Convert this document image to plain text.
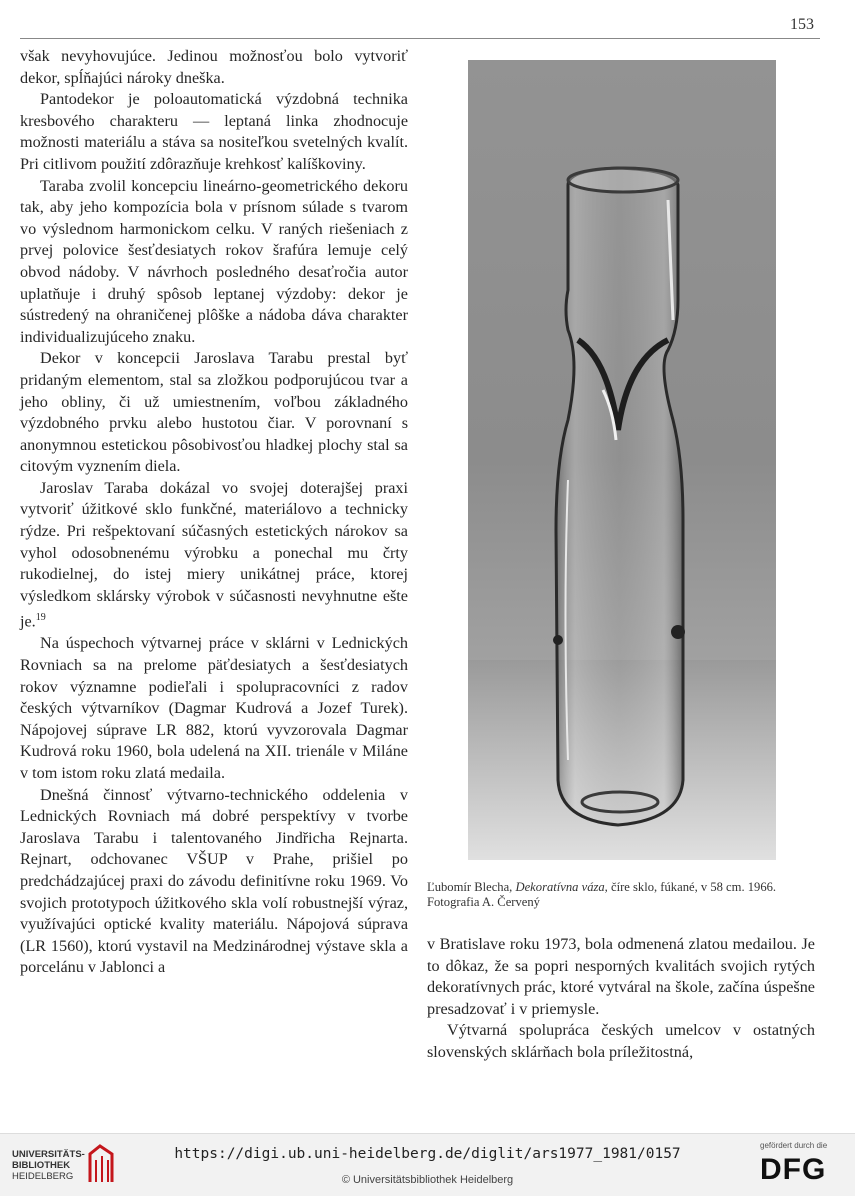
153

však nevyhovujúce. Jedinou možnosťou bolo vytvoriť dekor, spĺňajúci nároky dneška.

Pantodekor je poloautomatická výzdobná technika kresbového charakteru — leptaná linka zhodnocuje možnosti materiálu a stáva sa nositeľkou svetelných kvalít. Pri citlivom použití zdôrazňuje krehkosť kalíškoviny.

Taraba zvolil koncepciu lineárno-geometrického dekoru tak, aby jeho kompozícia bola v prísnom súlade s tvarom vo výslednom harmonickom celku. V raných riešeniach z prvej polovice šesťdesiatych rokov šrafúra lemuje celý obvod nádoby. V návrhoch posledného desaťročia autor uplatňuje i druhý spôsob leptanej výzdoby: dekor je sústredený na ohraničenej plôške a nádoba dáva charakter individualizujúceho znaku.

Dekor v koncepcii Jaroslava Tarabu prestal byť pridaným elementom, stal sa zložkou podporujúcou tvar a jeho obliny, či už umiestnením, voľbou základného výzdobného prvku alebo hustotou čiar. V porovnaní s anonymnou estetickou pôsobivosťou hladkej plochy stal sa citovým vyznením diela.

Jaroslav Taraba dokázal vo svojej doterajšej praxi vytvoriť úžitkové sklo funkčné, materiálovo a technicky rýdze. Pri rešpektovaní súčasných estetických nárokov sa vyhol odosobnenému výrobku a ponechal mu črty rukodielnej, do istej miery unikátnej práce, ktorej výsledkom sklársky výrobok v súčasnosti nevyhnutne ešte je.$^{19}$

Na úspechoch výtvarnej práce v sklárni v Lednických Rovniach sa na prelome päťdesiatych a šesťdesiatych rokov významne podieľali i spolupracovníci z radov českých výtvarníkov (Dagmar Kudrová a Jozef Turek). Nápojovej súprave LR 882, ktorú vyvzorovala Dagmar Kudrová roku 1960, bola udelená na XII. trienále v Miláne v tom istom roku zlatá medaila.

Dnešná činnosť výtvarno-technického oddelenia v Lednických Rovniach má dobré perspektívy v tvorbe Jaroslava Tarabu i talentovaného Jindřicha Rejnarta. Rejnart, odchovanec VŠUP v Prahe, prišiel po predchádzajúcej praxi do závodu definitívne roku 1969. Vo svojich prototypoch úžitkového skla volí robustnejší výraz, využívajúci optické kvality materiálu. Nápojová súprava (LR 1560), ktorú vystavil na Medzinárodnej výstave skla a porcelánu v Jablonci a

Ľubomír Blecha, Dekoratívna váza, číre sklo, fúkané, v 58 cm. 1966. Fotografia A. Červený

v Bratislave roku 1973, bola odmenená zlatou medailou. Je to dôkaz, že sa popri nesporných kvalitách svojich rytých dekoratívnych prác, ktoré vytváral na škole, začína úspešne presadzovať i v priemysle.

Výtvarná spolupráca českých umelcov v ostatných slovenských sklárňach bola príležitostná,

UNIVERSITÄTS-
BIBLIOTHEK
HEIDELBERG
https://digi.ub.uni-heidelberg.de/diglit/ars1977_1981/0157
© Universitätsbibliothek Heidelberg
gefördert durch die
DFG
